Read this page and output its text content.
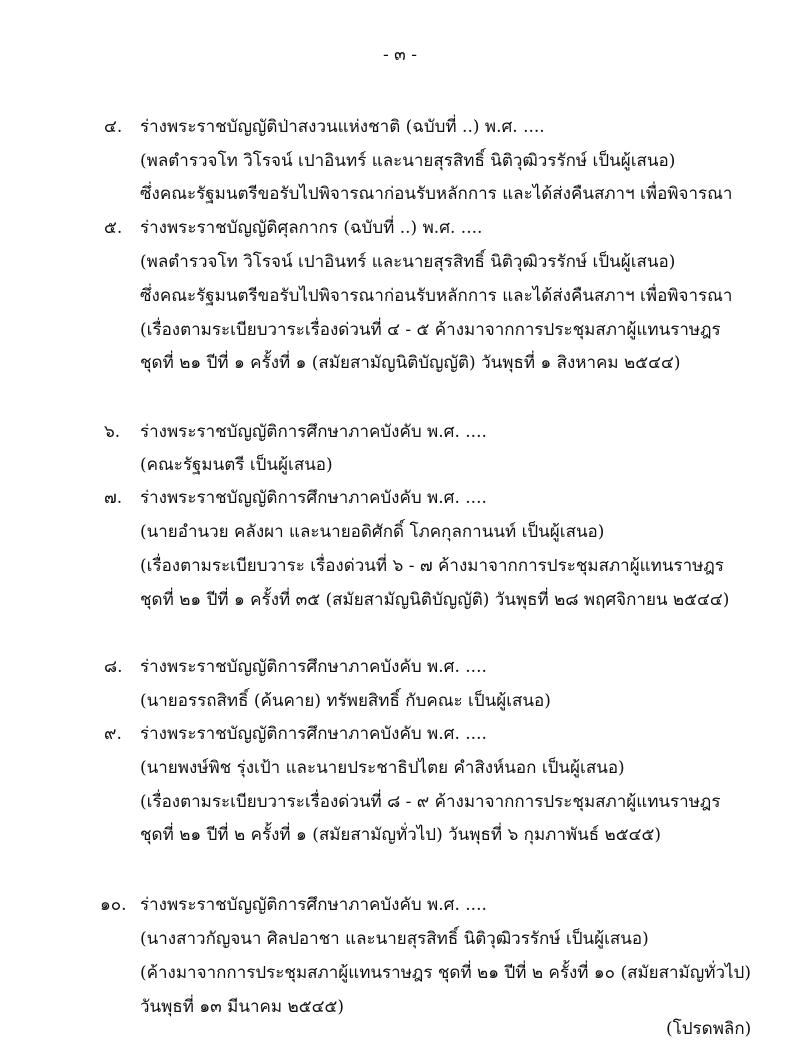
- ๓ -
๔.	ร่างพระราชบัญญัติป่าสงวนแห่งชาติ (ฉบับที่ ..) พ.ศ. ....
(พลตำรวจโท วิโรจน์ เปาอินทร์ และนายสุรสิทธิ์ นิติวุฒิวรรักษ์ เป็นผู้เสนอ)
ซึ่งคณะรัฐมนตรีขอรับไปพิจารณาก่อนรับหลักการ และได้ส่งคืนสภาฯ เพื่อพิจารณา
๕.	ร่างพระราชบัญญัติศุลกากร (ฉบับที่ ..) พ.ศ. ....
(พลตำรวจโท วิโรจน์ เปาอินทร์ และนายสุรสิทธิ์ นิติวุฒิวรรักษ์ เป็นผู้เสนอ)
ซึ่งคณะรัฐมนตรีขอรับไปพิจารณาก่อนรับหลักการ และได้ส่งคืนสภาฯ เพื่อพิจารณา
(เรื่องตามระเบียบวาระเรื่องด่วนที่ ๔ - ๕ ค้างมาจากการประชุมสภาผู้แทนราษฎร
ชุดที่ ๒๑ ปีที่ ๑ ครั้งที่ ๑ (สมัยสามัญนิติบัญญัติ) วันพุธที่ ๑ สิงหาคม ๒๕๔๔)
๖.	ร่างพระราชบัญญัติการศึกษาภาคบังคับ พ.ศ. ....
(คณะรัฐมนตรี เป็นผู้เสนอ)
๗.	ร่างพระราชบัญญัติการศึกษาภาคบังคับ พ.ศ. ....
(นายอำนวย คลังผา และนายอดิศักดิ์ โภคกุลกานนท์ เป็นผู้เสนอ)
(เรื่องตามระเบียบวาระ เรื่องด่วนที่ ๖ - ๗ ค้างมาจากการประชุมสภาผู้แทนราษฎร
ชุดที่ ๒๑ ปีที่ ๑ ครั้งที่ ๓๕ (สมัยสามัญนิติบัญญัติ) วันพุธที่ ๒๘ พฤศจิกายน ๒๕๔๔)
๘.	ร่างพระราชบัญญัติการศึกษาภาคบังคับ พ.ศ. ....
(นายอรรถสิทธิ์ (ค้นคาย) ทรัพยสิทธิ์ กับคณะ เป็นผู้เสนอ)
๙.	ร่างพระราชบัญญัติการศึกษาภาคบังคับ พ.ศ. ....
(นายพงษ์พิช รุ่งเป้า และนายประชาธิปไตย คำสิงห์นอก เป็นผู้เสนอ)
(เรื่องตามระเบียบวาระเรื่องด่วนที่ ๘ - ๙ ค้างมาจากการประชุมสภาผู้แทนราษฎร
ชุดที่ ๒๑ ปีที่ ๒ ครั้งที่ ๑ (สมัยสามัญทั่วไป) วันพุธที่ ๖ กุมภาพันธ์ ๒๕๔๕)
๑๐. ร่างพระราชบัญญัติการศึกษาภาคบังคับ พ.ศ. ....
(นางสาวกัญจนา ศิลปอาชา และนายสุรสิทธิ์ นิติวุฒิวรรักษ์ เป็นผู้เสนอ)
(ค้างมาจากการประชุมสภาผู้แทนราษฎร ชุดที่ ๒๑ ปีที่ ๒ ครั้งที่ ๑๐ (สมัยสามัญทั่วไป)
วันพุธที่ ๑๓ มีนาคม ๒๕๔๕)
(โปรดพลิก)
